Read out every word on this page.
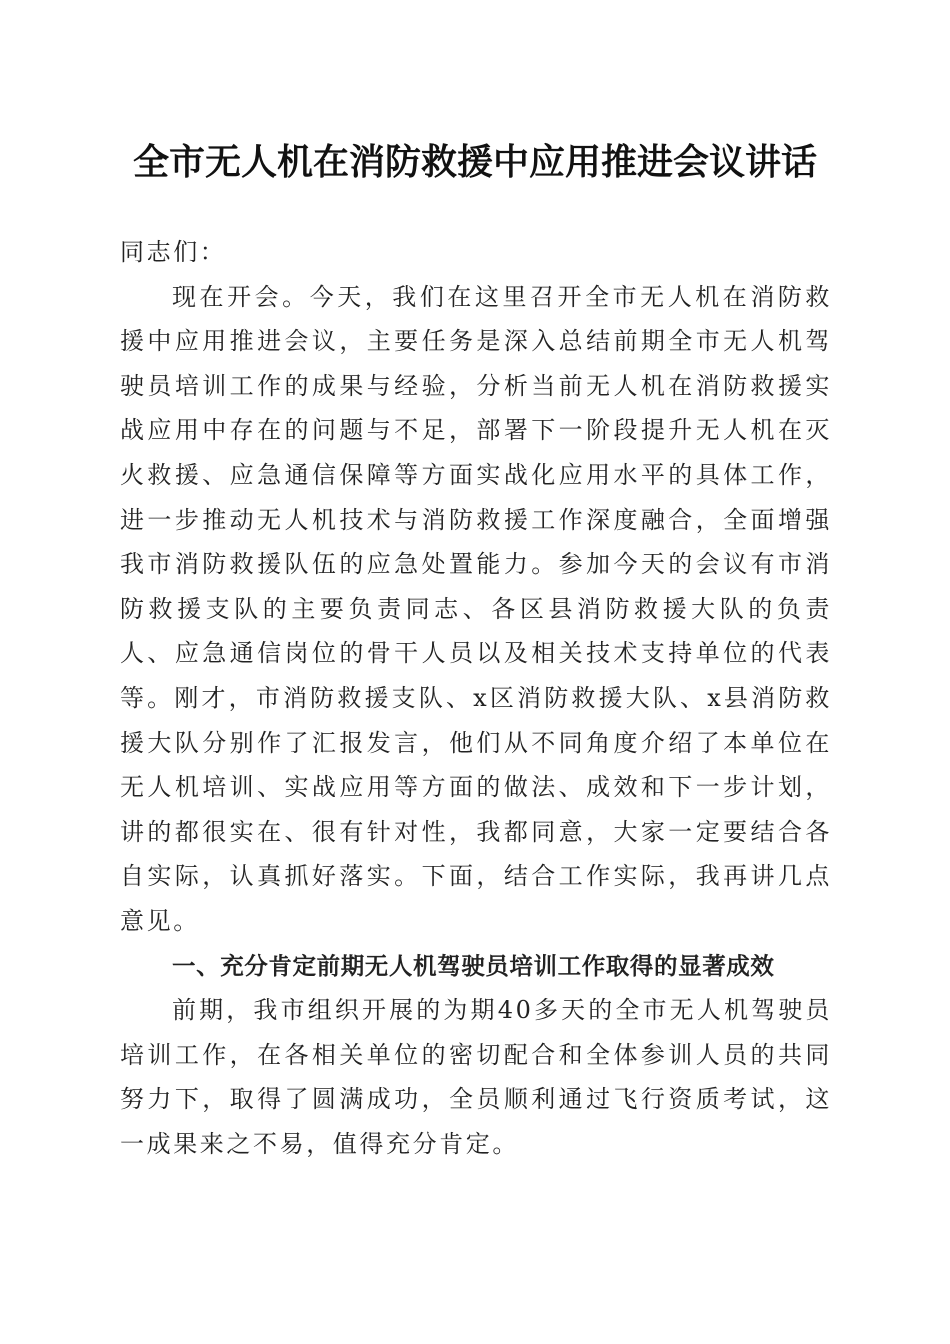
全市无人机在消防救援中应用推进会议讲话

同志们：

现在开会。今天，我们在这里召开全市无人机在消防救援中应用推进会议，主要任务是深入总结前期全市无人机驾驶员培训工作的成果与经验，分析当前无人机在消防救援实战应用中存在的问题与不足，部署下一阶段提升无人机在灭火救援、应急通信保障等方面实战化应用水平的具体工作，进一步推动无人机技术与消防救援工作深度融合，全面增强我市消防救援队伍的应急处置能力。参加今天的会议有市消防救援支队的主要负责同志、各区县消防救援大队的负责人、应急通信岗位的骨干人员以及相关技术支持单位的代表等。刚才，市消防救援支队、x区消防救援大队、x县消防救援大队分别作了汇报发言，他们从不同角度介绍了本单位在无人机培训、实战应用等方面的做法、成效和下一步计划，讲的都很实在、很有针对性，我都同意，大家一定要结合各自实际，认真抓好落实。下面，结合工作实际，我再讲几点意见。

一、充分肯定前期无人机驾驶员培训工作取得的显著成效

前期，我市组织开展的为期40多天的全市无人机驾驶员培训工作，在各相关单位的密切配合和全体参训人员的共同努力下，取得了圆满成功，全员顺利通过飞行资质考试，这一成果来之不易，值得充分肯定。
